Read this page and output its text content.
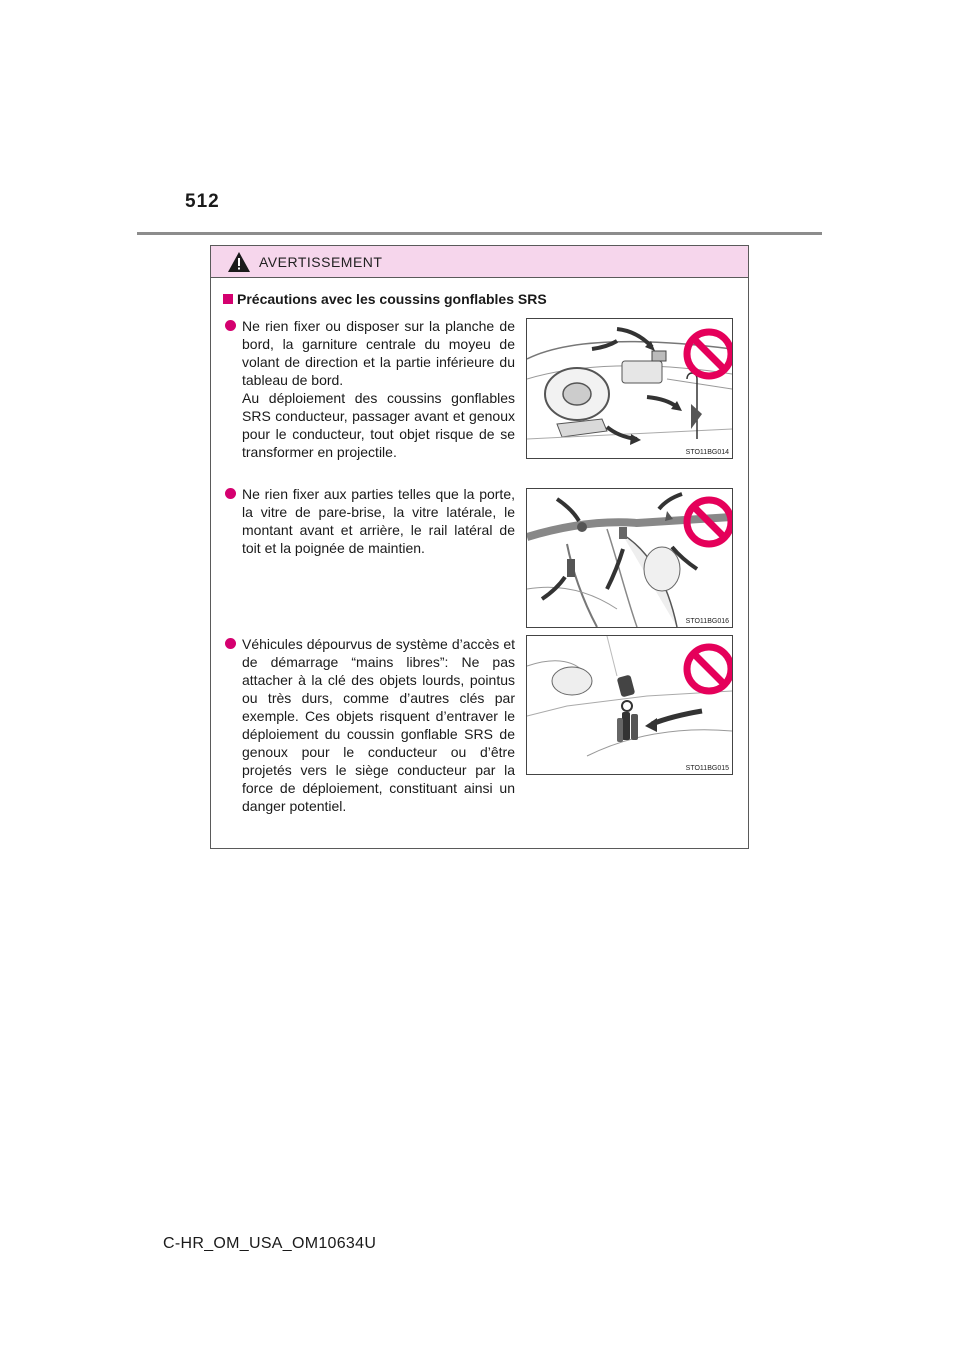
512
AVERTISSEMENT
Précautions avec les coussins gonflables SRS
Ne rien fixer ou disposer sur la planche de bord, la garniture centrale du moyeu de volant de direction et la partie inférieure du tableau de bord.
Au déploiement des coussins gonflables SRS conducteur, passager avant et genoux pour le conducteur, tout objet risque de se transformer en projectile.	STO11BG014
Ne rien fixer aux parties telles que la porte, la vitre de pare-brise, la vitre latérale, le montant avant et arrière, le rail latéral de toit et la poignée de maintien.
STO11BG016
Véhicules dépourvus de système d’accès et de démarrage “mains libres”: Ne pas attacher à la clé des objets lourds, pointus ou très durs, comme d’autres clés par exemple. Ces objets risquent d’entraver le déploiement du coussin gonflable SRS de genoux pour le conducteur ou d’être projetés vers le siège conducteur par la force de déploiement, constituant ainsi un danger potentiel.
STO11BG015
C-HR_OM_USA_OM10634U
